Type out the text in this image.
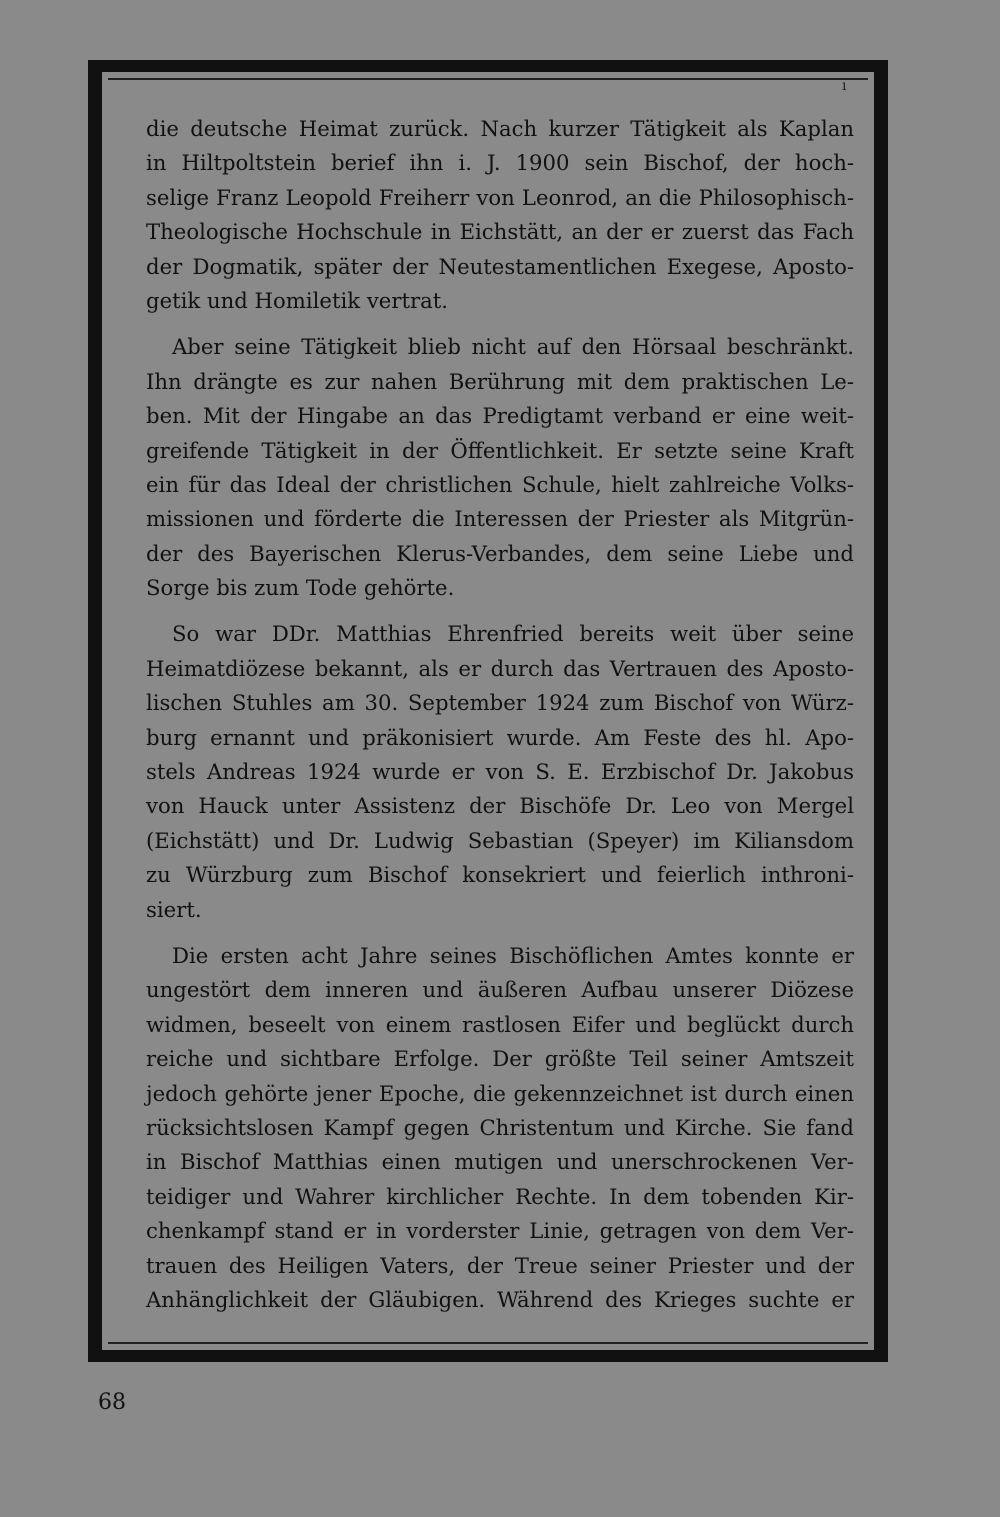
ı
die deutsche Heimat zurück. Nach kurzer Tätigkeit als Kaplan
in Hiltpoltstein berief ihn i. J. 1900 sein Bischof, der hoch-
selige Franz Leopold Freiherr von Leonrod, an die Philosophisch-
Theologische Hochschule in Eichstätt, an der er zuerst das Fach
der Dogmatik, später der Neutestamentlichen Exegese, Aposto-
getik und Homiletik vertrat.
Aber seine Tätigkeit blieb nicht auf den Hörsaal beschränkt.
Ihn drängte es zur nahen Berührung mit dem praktischen Le-
ben. Mit der Hingabe an das Predigtamt verband er eine weit-
greifende Tätigkeit in der Öffentlichkeit. Er setzte seine Kraft
ein für das Ideal der christlichen Schule, hielt zahlreiche Volks-
missionen und förderte die Interessen der Priester als Mitgrün-
der des Bayerischen Klerus-Verbandes, dem seine Liebe und
Sorge bis zum Tode gehörte.
So war DDr. Matthias Ehrenfried bereits weit über seine
Heimatdiözese bekannt, als er durch das Vertrauen des Aposto-
lischen Stuhles am 30. September 1924 zum Bischof von Würz-
burg ernannt und präkonisiert wurde. Am Feste des hl. Apo-
stels Andreas 1924 wurde er von S. E. Erzbischof Dr. Jakobus
von Hauck unter Assistenz der Bischöfe Dr. Leo von Mergel
(Eichstätt) und Dr. Ludwig Sebastian (Speyer) im Kiliansdom
zu Würzburg zum Bischof konsekriert und feierlich inthroni-
siert.
Die ersten acht Jahre seines Bischöflichen Amtes konnte er
ungestört dem inneren und äußeren Aufbau unserer Diözese
widmen, beseelt von einem rastlosen Eifer und beglückt durch
reiche und sichtbare Erfolge. Der größte Teil seiner Amtszeit
jedoch gehörte jener Epoche, die gekennzeichnet ist durch einen
rücksichtslosen Kampf gegen Christentum und Kirche. Sie fand
in Bischof Matthias einen mutigen und unerschrockenen Ver-
teidiger und Wahrer kirchlicher Rechte. In dem tobenden Kir-
chenkampf stand er in vorderster Linie, getragen von dem Ver-
trauen des Heiligen Vaters, der Treue seiner Priester und der
Anhänglichkeit der Gläubigen. Während des Krieges suchte er
68
